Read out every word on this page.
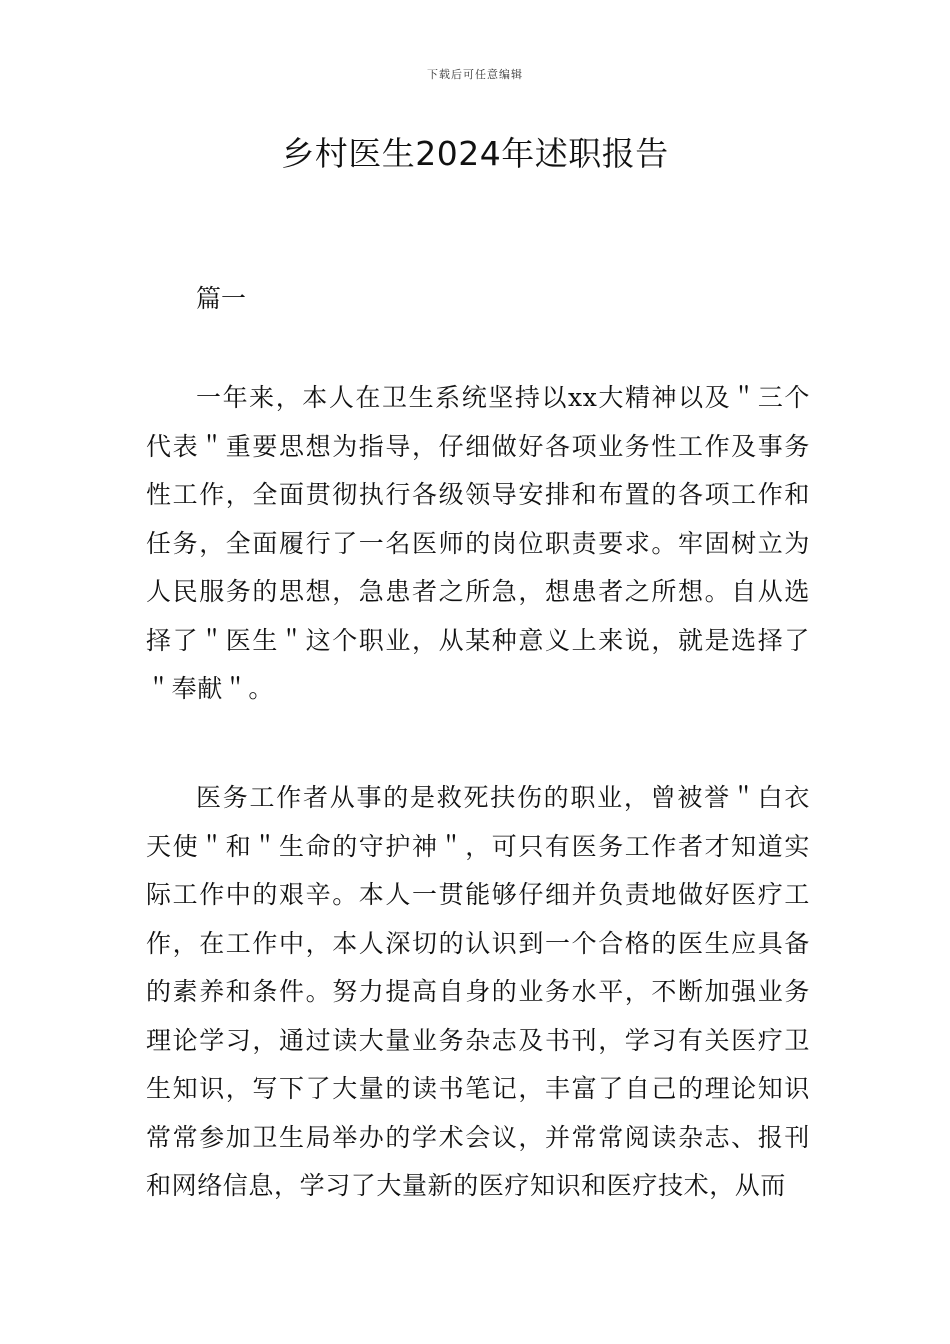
下载后可任意编辑
乡村医生2024年述职报告
篇一

一年来，本人在卫生系统坚持以xx大精神以及＂三个代表＂重要思想为指导，仔细做好各项业务性工作及事务性工作，全面贯彻执行各级领导安排和布置的各项工作和任务，全面履行了一名医师的岗位职责要求。牢固树立为人民服务的思想，急患者之所急，想患者之所想。自从选择了＂医生＂这个职业，从某种意义上来说，就是选择了＂奉献＂。

医务工作者从事的是救死扶伤的职业，曾被誉＂白衣天使＂和＂生命的守护神＂，可只有医务工作者才知道实际工作中的艰辛。本人一贯能够仔细并负责地做好医疗工作，在工作中，本人深切的认识到一个合格的医生应具备的素养和条件。努力提高自身的业务水平，不断加强业务理论学习，通过读大量业务杂志及书刊，学习有关医疗卫生知识，写下了大量的读书笔记，丰富了自己的理论知识常常参加卫生局举办的学术会议，并常常阅读杂志、报刊和网络信息，学习了大量新的医疗知识和医疗技术，从而
